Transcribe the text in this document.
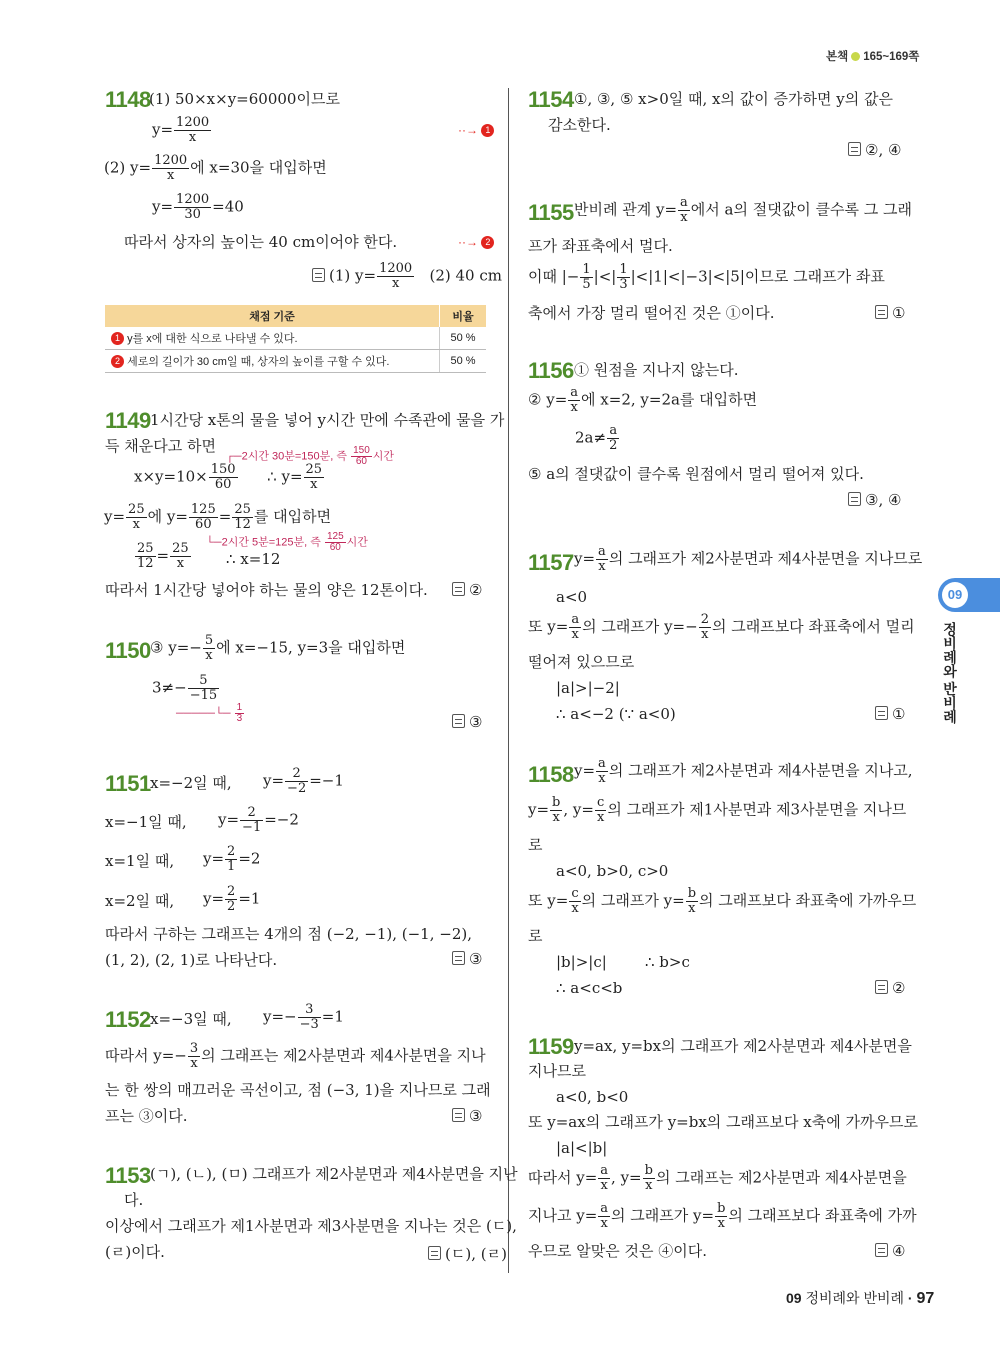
본책 165~169쪽
09
정비례와 반비례
1148
(1) 50×x×y=60000이므로
$y= \frac{1200}{x}$	··→ 1
(2) $y= \frac{1200}{x}$ 에 x=30을 대입하면
$y= \frac{1200}{30} =40$
따라서 상자의 높이는 40 cm이어야 한다.	··→ 2
(1) $y= \frac{1200}{x} (2)$ 40 cm
채점 기준	비율
1 y를 x에 대한 식으로 나타낼 수 있다.	50 %
2 세로의 길이가 30 cm일 때, 상자의 높이를 구할 수 있다.	50 %
1149 1시간당 x톤의 물을 넣어 y시간 만에 수족관에 물을 가
득 채운다고 하면
┌─2시간 30분=150분, 즉 $\frac{150}{60}$ 시간
$x\times y=10\times \frac{150}{60}$ ∴ $y= \frac{25}{x}$
$y= \frac{25}{x}$ 에 $y= \frac{125}{60} = \frac{25}{12}$ 를 대입하면
└─2시간 5분=125분, 즉 $\frac{125}{60}$ 시간
$\frac{25}{12} = \frac{25}{x}$ ∴ x=12
따라서 1시간당 넣어야 하는 물의 양은 12톤이다.	②
1150 ③ $y=- \frac{5}{x}$ 에 x=−15, y=3을 대입하면
$3\ne- \frac{5}{-15}$
─────└─ $\frac{1}{3}$	③
1151 x=−2일 때, $y= \frac{2}{-2} =-1$
x=−1일 때, $y= \frac{2}{-1} =-2$
x=1일 때, $y= \frac{2}{1} =2$
x=2일 때, $y= \frac{2}{2} =1$
따라서 구하는 그래프는 4개의 점 (−2, −1), (−1, −2),
(1, 2), (2, 1)로 나타난다.	③
1152 x=−3일 때, $y=- \frac{3}{-3} =1$
따라서 $y=- \frac{3}{x}$ 의 그래프는 제2사분면과 제4사분면을 지나
는 한 쌍의 매끄러운 곡선이고, 점 (−3, 1)을 지나므로 그래
프는 ③이다.	③
1153 (ㄱ), (ㄴ), (ㅁ) 그래프가 제2사분면과 제4사분면을 지난
다.
이상에서 그래프가 제1사분면과 제3사분면을 지나는 것은 (ㄷ),
(ㄹ)이다.	(ㄷ), (ㄹ)
1154 ①, ③, ⑤ x>0일 때, x의 값이 증가하면 y의 값은
감소한다.
②, ④
1155 반비례 관계 $y= \frac{a}{x}$ 에서 a의 절댓값이 클수록 그 그래
프가 좌표축에서 멀다.
이때 |− $\frac{1}{5}$ |<| $\frac{1}{3} |<|1|<|-3|<|5|$이므로 그래프가 좌표
축에서 가장 멀리 떨어진 것은 ①이다.	①
1156 ① 원점을 지나지 않는다.
② $y= \frac{a}{x}$ 에 x=2, y=2a를 대입하면
$2a\ne \frac{a}{2}$
⑤ a의 절댓값이 클수록 원점에서 멀리 떨어져 있다.
③, ④
1157 $y= \frac{a}{x}$ 의 그래프가 제2사분면과 제4사분면을 지나므로
a<0
또 $y= \frac{a}{x}$ 의 그래프가 $y=- \frac{2}{x}$ 의 그래프보다 좌표축에서 멀리
떨어져 있으므로
|a|>|−2|
∴ a<−2 (∵ a<0)	①
1158 $y= \frac{a}{x}$ 의 그래프가 제2사분면과 제4사분면을 지나고,
$y= \frac{b}{x}$ , $y= \frac{c}{x}$ 의 그래프가 제1사분면과 제3사분면을 지나므
로
a<0, b>0, c>0
또 $y= \frac{c}{x}$ 의 그래프가 $y= \frac{b}{x}$ 의 그래프보다 좌표축에 가까우므
로
|b|>|c|	∴ b>c
∴ a<c<b	②
1159 y=ax, y=bx의 그래프가 제2사분면과 제4사분면을
지나므로
a<0, b<0
또 y=ax의 그래프가 y=bx의 그래프보다 x축에 가까우므로
|a|<|b|
따라서 $y= \frac{a}{x}$ , $y= \frac{b}{x}$ 의 그래프는 제2사분면과 제4사분면을
지나고 $y= \frac{a}{x}$ 의 그래프가 $y= \frac{b}{x}$ 의 그래프보다 좌표축에 가까
우므로 알맞은 것은 ④이다.	④
09 정비례와 반비례 · 97
